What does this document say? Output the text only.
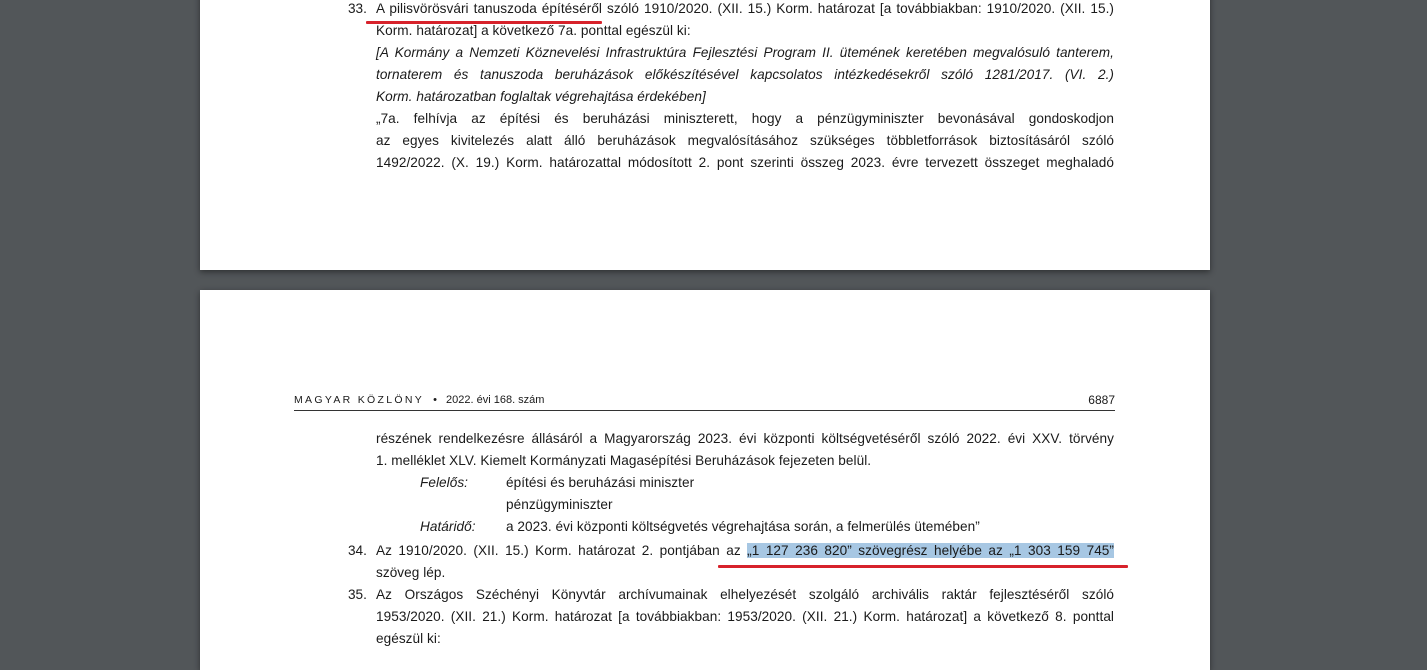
33. A pilisvörösvári tanuszoda építéséről szóló 1910/2020. (XII. 15.) Korm. határozat [a továbbiakban: 1910/2020. (XII. 15.)
Korm. határozat] a következő 7a. ponttal egészül ki:
[A Kormány a Nemzeti Köznevelési Infrastruktúra Fejlesztési Program II. ütemének keretében megvalósuló tanterem,
tornaterem és tanuszoda beruházások előkészítésével kapcsolatos intézkedésekről szóló 1281/2017. (VI. 2.)
Korm. határozatban foglaltak végrehajtása érdekében]
„7a. felhívja az építési és beruházási miniszterett, hogy a pénzügyminiszter bevonásával gondoskodjon
az egyes kivitelezés alatt álló beruházások megvalósításához szükséges többletforrások biztosításáról szóló
1492/2022. (X. 19.) Korm. határozattal módosított 2. pont szerinti összeg 2023. évre tervezett összeget meghaladó
MAGYAR KÖZLÖNY • 2022. évi 168. szám	6887
részének rendelkezésre állásáról a Magyarország 2023. évi központi költségvetéséről szóló 2022. évi XXV. törvény
1. melléklet XLV. Kiemelt Kormányzati Magasépítési Beruházások fejezeten belül.
Felelős:	építési és beruházási miniszter
pénzügyminiszter
Határidő: a 2023. évi központi költségvetés végrehajtása során, a felmerülés ütemében”
34. Az 1910/2020. (XII. 15.) Korm. határozat 2. pontjában az „1 127 236 820” szövegrész helyébe az „1 303 159 745”
szöveg lép.
35. Az Országos Széchényi Könyvtár archívumainak elhelyezését szolgáló archivális raktár fejlesztéséről szóló
1953/2020. (XII. 21.) Korm. határozat [a továbbiakban: 1953/2020. (XII. 21.) Korm. határozat] a következő 8. ponttal
egészül ki:
